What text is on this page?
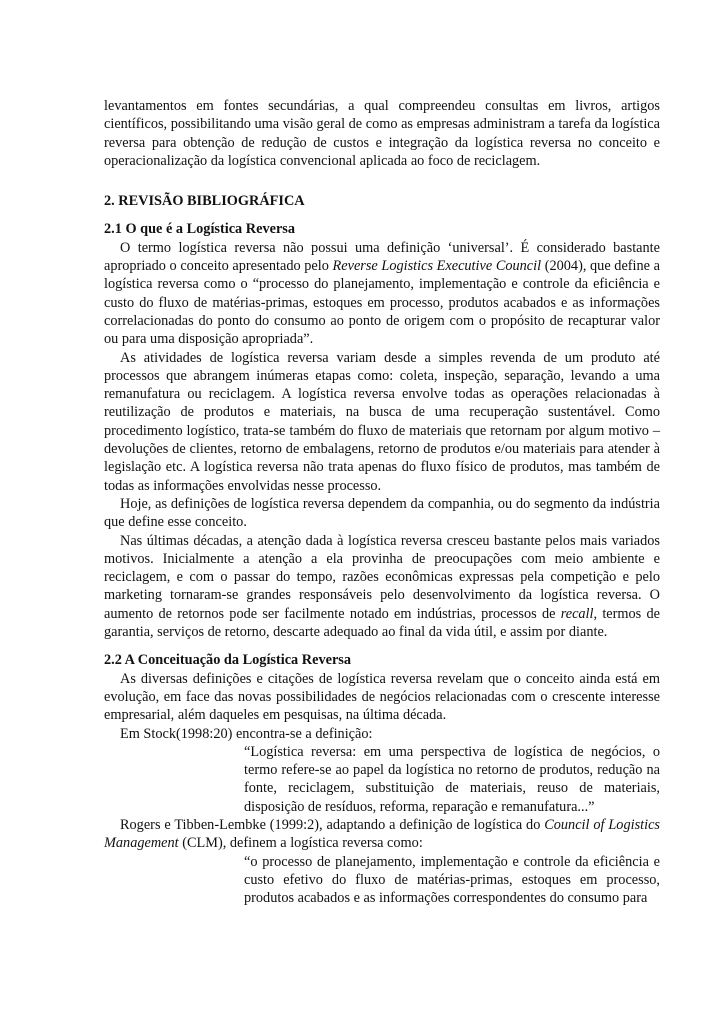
levantamentos em fontes secundárias, a qual compreendeu consultas em livros, artigos científicos, possibilitando uma visão geral de como as empresas administram a tarefa da logística reversa para obtenção de redução de custos e integração da logística reversa no conceito e operacionalização da logística convencional aplicada ao foco de reciclagem.

2. REVISÃO BIBLIOGRÁFICA

2.1 O que é a Logística Reversa

O termo logística reversa não possui uma definição ‘universal’. É considerado bastante apropriado o conceito apresentado pelo Reverse Logistics Executive Council (2004), que define a logística reversa como o “processo do planejamento, implementação e controle da eficiência e custo do fluxo de matérias-primas, estoques em processo, produtos acabados e as informações correlacionadas do ponto do consumo ao ponto de origem com o propósito de recapturar valor ou para uma disposição apropriada”.

As atividades de logística reversa variam desde a simples revenda de um produto até processos que abrangem inúmeras etapas como: coleta, inspeção, separação, levando a uma remanufatura ou reciclagem. A logística reversa envolve todas as operações relacionadas à reutilização de produtos e materiais, na busca de uma recuperação sustentável. Como procedimento logístico, trata-se também do fluxo de materiais que retornam por algum motivo – devoluções de clientes, retorno de embalagens, retorno de produtos e/ou materiais para atender à legislação etc. A logística reversa não trata apenas do fluxo físico de produtos, mas também de todas as informações envolvidas nesse processo.

Hoje, as definições de logística reversa dependem da companhia, ou do segmento da indústria que define esse conceito.

Nas últimas décadas, a atenção dada à logística reversa cresceu bastante pelos mais variados motivos. Inicialmente a atenção a ela provinha de preocupações com meio ambiente e reciclagem, e com o passar do tempo, razões econômicas expressas pela competição e pelo marketing tornaram-se grandes responsáveis pelo desenvolvimento da logística reversa. O aumento de retornos pode ser facilmente notado em indústrias, processos de recall, termos de garantia, serviços de retorno, descarte adequado ao final da vida útil, e assim por diante.

2.2 A Conceituação da Logística Reversa

As diversas definições e citações de logística reversa revelam que o conceito ainda está em evolução, em face das novas possibilidades de negócios relacionadas com o crescente interesse empresarial, além daqueles em pesquisas, na última década.

Em Stock(1998:20) encontra-se a definição:

“Logística reversa: em uma perspectiva de logística de negócios, o termo refere-se ao papel da logística no retorno de produtos, redução na fonte, reciclagem, substituição de materiais, reuso de materiais, disposição de resíduos, reforma, reparação e remanufatura...”

Rogers e Tibben-Lembke (1999:2), adaptando a definição de logística do Council of Logistics Management (CLM), definem a logística reversa como:

“o processo de planejamento, implementação e controle da eficiência e custo efetivo do fluxo de matérias-primas, estoques em processo, produtos acabados e as informações correspondentes do consumo para
